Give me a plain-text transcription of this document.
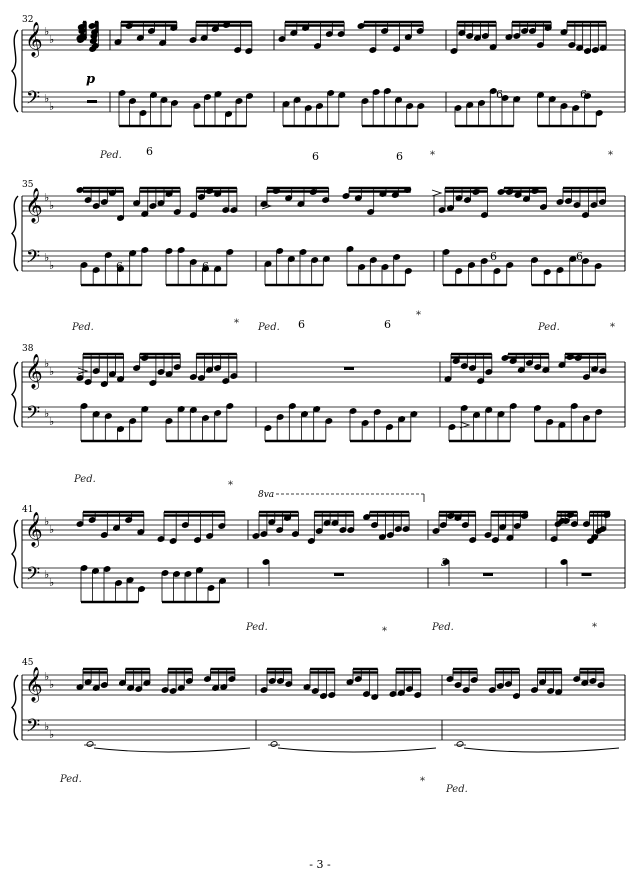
𝄞
𝄢
♭
♭
♭
♭
𝄞
𝄢
♭
♭
♭
♭
𝄞
𝄢
♭
♭
♭
♭
𝄞
𝄢
♭
♭
♭
♭
𝄞
𝄢
♭
♭
♭
♭
32
p
Ped.	*	*
6	6	6
6	6
35
Ped.	* Ped.
*
Ped.	*
6	6
6	6
6	6
38
Ped.
*
41
8va
Ped.	*	Ped.	*
3
45
Ped.	*
Ped.
- 3 -
